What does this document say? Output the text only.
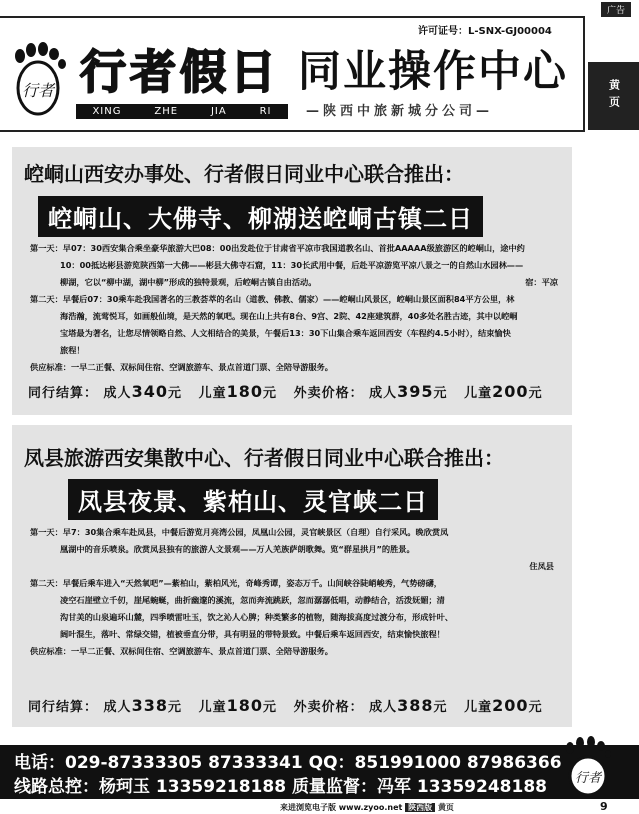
广告
许可证号：L-SNX-GJ00004
行者 行者假日
XING	ZHE	JIA	RI
同业操作中心
—陕西中旅新城分公司—	黄页
崆峒山西安办事处、行者假日同业中心联合推出：
崆峒山、大佛寺、柳湖送崆峒古镇二日

第一天：早07：30西安集合乘坐豪华旅游大巴08：00出发赴位于甘肃省平凉市我国道教名山、首批AAAAA级旅游区的崆峒山，途中约

10：00抵达彬县游览陕西第一大佛——彬县大佛寺石窟，11：30长武用中餐，后赴平凉游览平凉八景之一的自然山水园林——

柳湖，它以“柳中湖，湖中柳”形成的独特景观，后崆峒古镇自由活动。	宿：平凉

第二天：早餐后07：30乘车赴我国著名的三教荟萃的名山（道教、佛教、儒家）——崆峒山风景区，崆峒山景区面积84平方公里，林

海浩瀚，流莺悦耳，如画般仙境，是天然的氧吧。现在山上共有8台、9宫、2院、42座建筑群，40多处名胜古迹，其中以崆峒

宝塔最为著名，让您尽情领略自然、人文相结合的美景，午餐后13：30下山集合乘车返回西安（车程约4.5小时），结束愉快

旅程！

供应标准：一早二正餐、双标间住宿、空调旅游车、景点首道门票、全陪导游服务。

同行结算： 成人340元 儿童180元 外卖价格： 成人395元 儿童200元
凤县旅游西安集散中心、行者假日同业中心联合推出：
凤县夜景、紫柏山、灵官峡二日

第一天：早7：30集合乘车赴凤县，中餐后游览月亮湾公园，凤凰山公园，灵官峡景区（自理）自行采风。晚欣赏凤

凰湖中的音乐喷泉。欣赏凤县独有的旅游人文景观——万人羌族萨朗歌舞。览“群星拱月”的胜景。

住凤县

第二天：早餐后乘车进入“天然氧吧”—紫柏山，紫柏风光，奇峰秀谭，姿态万千。山间峡谷陡峭峻秀，气势磅礴，

凌空石崖壁立千仞，崖尾蜿蜒，曲折幽邃的溪流，忽而奔流跳跃，忽而潺潺低唱，动静结合，活泼妩媚；清

沟甘美的山泉遍环山麓，四季喷雷吐玉，饮之沁人心脾；种类繁多的植物，随海拔高度过渡分布，形成针叶、

阔叶混生，落叶、常绿交错，植被垂直分带，具有明显的带特景致。中餐后乘车返回西安，结束愉快旅程！

供应标准：一早二正餐、双标间住宿、空调旅游车、景点首道门票、全陪导游服务。

同行结算： 成人338元 儿童180元 外卖价格： 成人388元 儿童200元
电话：029-87333305 87333341 QQ：851991000 87986366
线路总控：杨珂玉 13359218188 质量监督：冯军 13359248188 行者
来进浏览电子版 www.zyoo.net 陕西版 黄页	9
